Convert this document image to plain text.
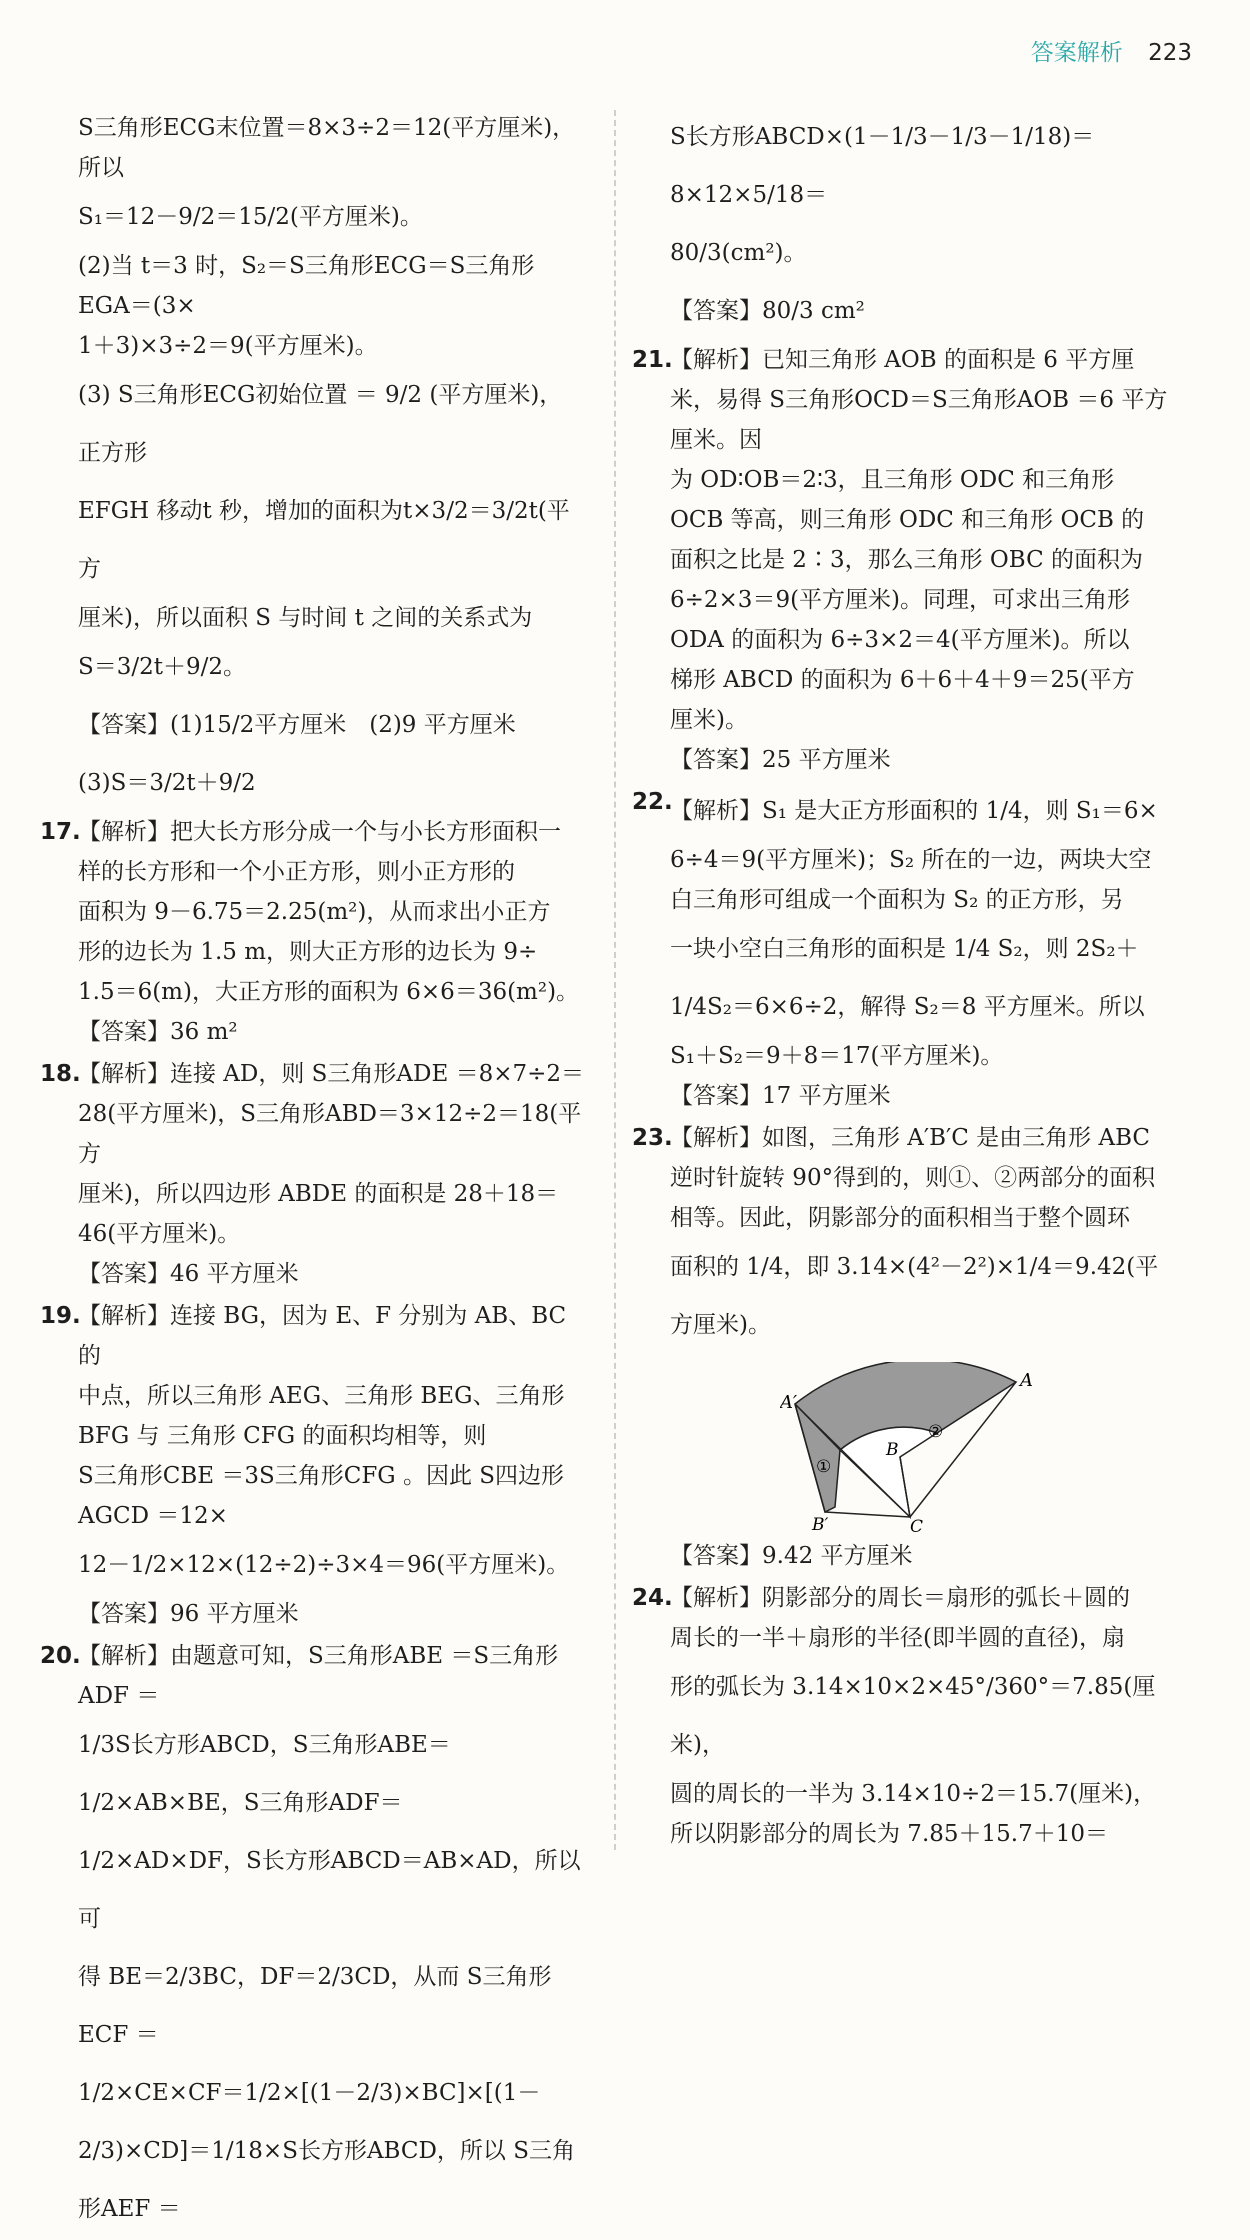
答案解析 223

S三角形ECG末位置＝8×3÷2＝12(平方厘米)，所以

S₁＝12－9/2＝15/2(平方厘米)。

(2)当 t＝3 时，S₂＝S三角形ECG＝S三角形EGA＝(3×

1＋3)×3÷2＝9(平方厘米)。

(3) S三角形ECG初始位置 ＝ 9/2 (平方厘米)，正方形

EFGH 移动t 秒，增加的面积为t×3/2＝3/2t(平方

厘米)，所以面积 S 与时间 t 之间的关系式为

S＝3/2t＋9/2。

【答案】(1)15/2平方厘米　(2)9 平方厘米

(3)S＝3/2t＋9/2

17.

【解析】把大长方形分成一个与小长方形面积一

样的长方形和一个小正方形，则小正方形的

面积为 9－6.75＝2.25(m²)，从而求出小正方

形的边长为 1.5 m，则大正方形的边长为 9÷

1.5＝6(m)，大正方形的面积为 6×6＝36(m²)。

【答案】36 m²

18.

【解析】连接 AD，则 S三角形ADE ＝8×7÷2＝

28(平方厘米)，S三角形ABD＝3×12÷2＝18(平方

厘米)，所以四边形 ABDE 的面积是 28＋18＝

46(平方厘米)。

【答案】46 平方厘米

19.

【解析】连接 BG，因为 E、F 分别为 AB、BC 的

中点，所以三角形 AEG、三角形 BEG、三角形

BFG 与 三角形 CFG 的面积均相等，则

S三角形CBE ＝3S三角形CFG 。因此 S四边形AGCD ＝12×

12－1/2×12×(12÷2)÷3×4＝96(平方厘米)。

【答案】96 平方厘米

20.

【解析】由题意可知，S三角形ABE ＝S三角形ADF ＝

1/3S长方形ABCD，S三角形ABE＝1/2×AB×BE，S三角形ADF＝

1/2×AD×DF，S长方形ABCD＝AB×AD，所以可

得 BE＝2/3BC，DF＝2/3CD，从而 S三角形ECF ＝

1/2×CE×CF＝1/2×[(1－2/3)×BC]×[(1－

2/3)×CD]＝1/18×S长方形ABCD，所以 S三角形AEF ＝

S长方形ABCD×(1－1/3－1/3－1/18)＝8×12×5/18＝

80/3(cm²)。

【答案】80/3 cm²

21.

【解析】已知三角形 AOB 的面积是 6 平方厘

米，易得 S三角形OCD＝S三角形AOB ＝6 平方厘米。因

为 OD∶OB＝2∶3，且三角形 ODC 和三角形

OCB 等高，则三角形 ODC 和三角形 OCB 的

面积之比是 2∶3，那么三角形 OBC 的面积为

6÷2×3＝9(平方厘米)。同理，可求出三角形

ODA 的面积为 6÷3×2＝4(平方厘米)。所以

梯形 ABCD 的面积为 6＋6＋4＋9＝25(平方

厘米)。

【答案】25 平方厘米

22.

【解析】S₁ 是大正方形面积的 1/4，则 S₁＝6×

6÷4＝9(平方厘米)；S₂ 所在的一边，两块大空

白三角形可组成一个面积为 S₂ 的正方形，另

一块小空白三角形的面积是 1/4 S₂，则 2S₂＋

1/4S₂＝6×6÷2，解得 S₂＝8 平方厘米。所以

S₁＋S₂＝9＋8＝17(平方厘米)。

【答案】17 平方厘米

23.

【解析】如图，三角形 A′B′C 是由三角形 ABC

逆时针旋转 90°得到的，则①、②两部分的面积

相等。因此，阴影部分的面积相当于整个圆环

面积的 1/4，即 3.14×(4²－2²)×1/4＝9.42(平

方厘米)。

A′
A
B
B′	C
①
②

【答案】9.42 平方厘米

24.

【解析】阴影部分的周长＝扇形的弧长＋圆的

周长的一半＋扇形的半径(即半圆的直径)，扇

形的弧长为 3.14×10×2×45°/360°＝7.85(厘米)，

圆的周长的一半为 3.14×10÷2＝15.7(厘米)，

所以阴影部分的周长为 7.85＋15.7＋10＝
